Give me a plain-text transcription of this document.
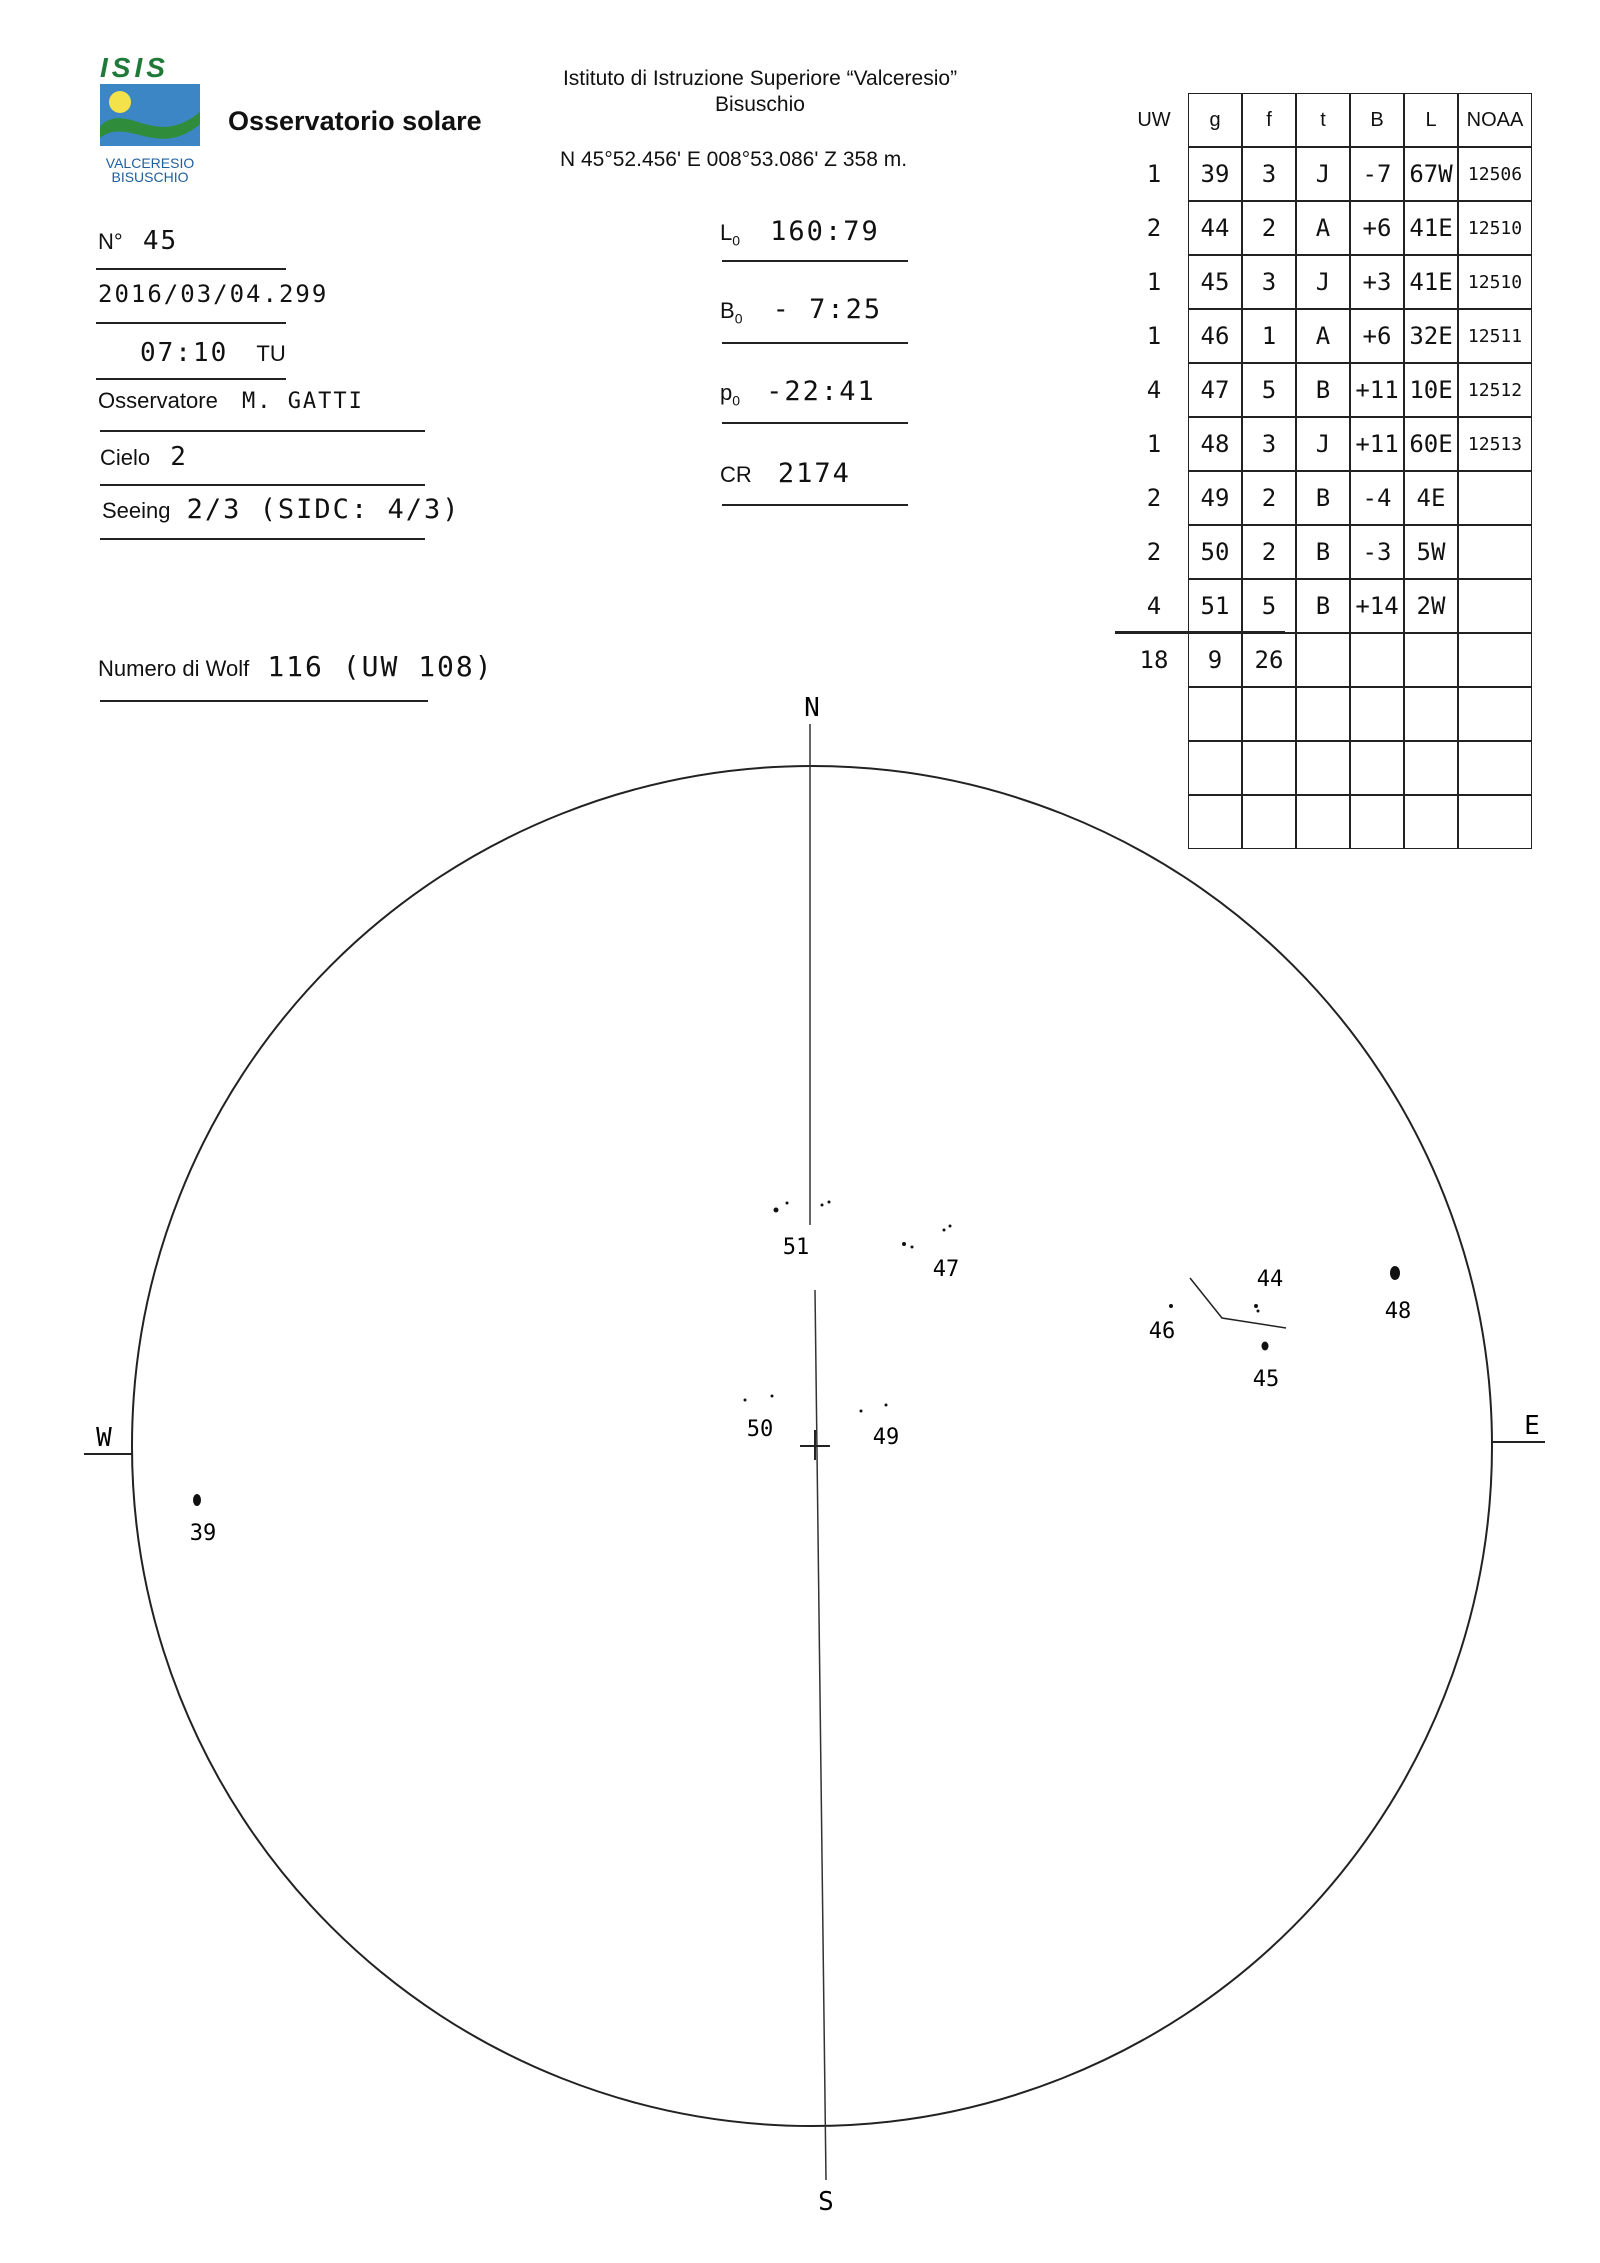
ISIS
VALCERESIO
BISUSCHIO
Osservatorio solare
Istituto di Istruzione Superiore “Valceresio”
Bisuschio
N 45°52.456' E 008°53.086' Z 358 m.
N° 45
2016/03/04.299
07:10 TU
Osservatore M. GATTI
Cielo 2
Seeing 2/3 (SIDC: 4/3)
Numero di Wolf 116 (UW 108)
$L_0$ 160:79
$B_0$ - 7:25
$p_0$ -22:41
CR 2174
UW	g	f	t	B	L	NOAA
1	39	3	J	-7 67W 12506
2	44	2	A	+6 41E 12510
1	45	3	J	+3 41E 12510
1	46	1	A	+6 32E 12511
4	47	5	B	+11 10E 12512
1	48	3	J	+11 60E 12513
2	49	2	B	-4	4E
2	50	2	B	-3	5W
4	51	5	B	+14 2W
18	9	26
N
S
E
W
51
47	44
48
46
45
50	49
39
